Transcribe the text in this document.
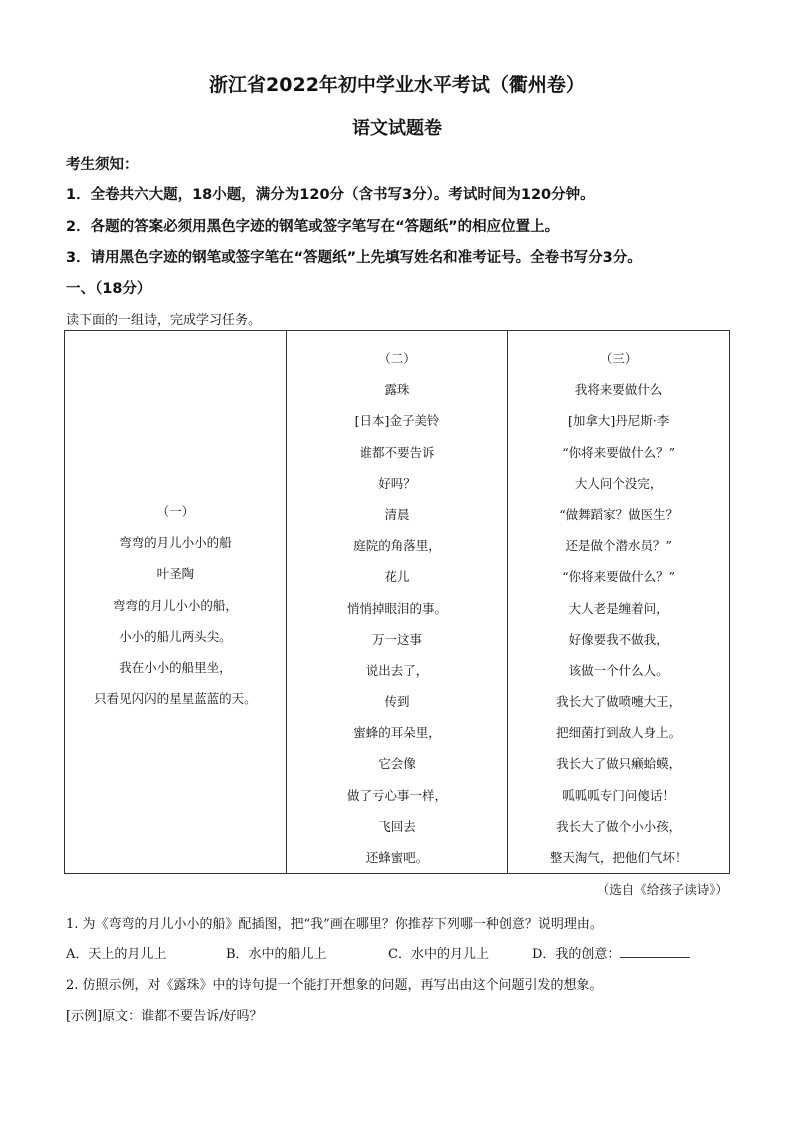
浙江省2022年初中学业水平考试（衢州卷）
语文试题卷
考生须知：
1．全卷共六大题，18小题，满分为120分（含书写3分）。考试时间为120分钟。
2．各题的答案必须用黑色字迹的钢笔或签字笔写在“答题纸”的相应位置上。
3．请用黑色字迹的钢笔或签字笔在“答题纸”上先填写姓名和准考证号。全卷书写分3分。
一、（18分）
读下面的一组诗，完成学习任务。
（一）
弯弯的月儿小小的船
叶圣陶
弯弯的月儿小小的船，
小小的船儿两头尖。
我在小小的船里坐，
只看见闪闪的星星蓝蓝的天。

（二）
露珠
[日本]金子美铃
谁都不要告诉
好吗？
清晨
庭院的角落里，
花儿
悄悄掉眼泪的事。
万一这事
说出去了，
传到
蜜蜂的耳朵里，
它会像
做了亏心事一样，
飞回去
还蜂蜜吧。

（三）
我将来要做什么
[加拿大]丹尼斯·李
“你将来要做什么？”
大人问个没完，
“做舞蹈家？做医生？
还是做个潜水员？”
“你将来要做什么？”
大人老是缠着问，
好像要我不做我，
该做一个什么人。
我长大了做喷嚏大王，
把细菌打到敌人身上。
我长大了做只癞蛤蟆，
呱呱呱专门问傻话！
我长大了做个小小孩，
整天淘气，把他们气坏！
（选自《给孩子读诗》）
1. 为《弯弯的月儿小小的船》配插图，把“我”画在哪里？你推荐下列哪一种创意？说明理由。
A．天上的月儿上	B．水中的船儿上	C．水中的月儿上	D．我的创意：
2. 仿照示例，对《露珠》中的诗句提一个能打开想象的问题，再写出由这个问题引发的想象。
[示例]原文：谁都不要告诉/好吗？
